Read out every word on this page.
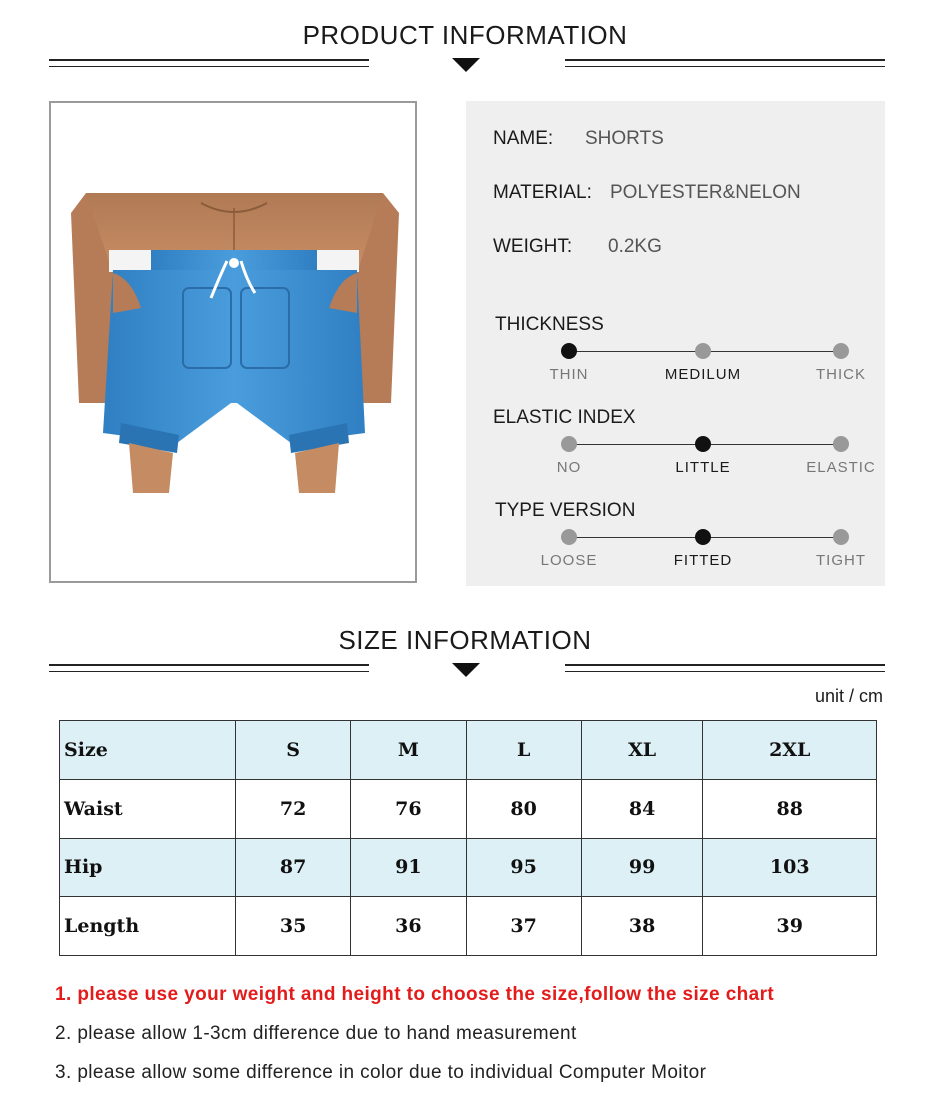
PRODUCT INFORMATION
NAME: SHORTS
MATERIAL: POLYESTER&NELON
WEIGHT: 0.2KG
THICKNESS
THIN	MEDILUM	THICK
ELASTIC INDEX
NO	LITTLE	ELASTIC
TYPE VERSION
LOOSE	FITTED	TIGHT
SIZE INFORMATION
unit / cm
Size	S	M	L	XL	2XL
Waist	72	76	80	84	88
Hip	87	91	95	99	103
Length	35	36	37	38	39
1. please use your weight and height to choose the size,follow the size chart
2. please allow 1-3cm difference due to hand measurement
3. please allow some difference in color due to individual Computer Moitor
